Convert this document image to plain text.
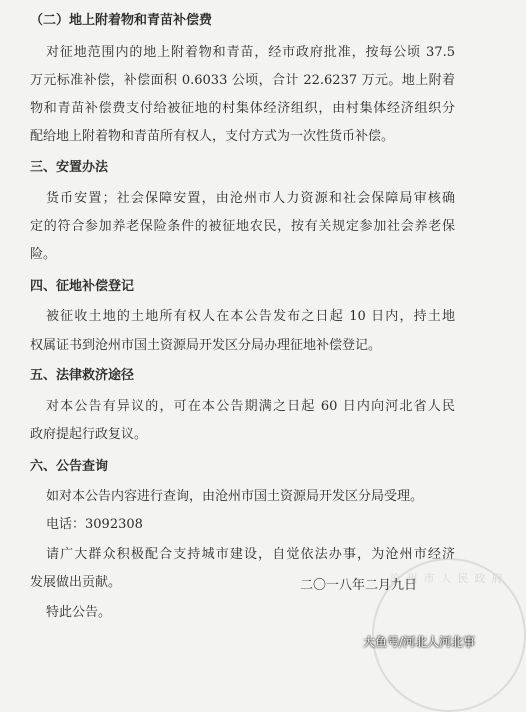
（二）地上附着物和青苗补偿费
对征地范围内的地上附着物和青苗，经市政府批准，按每公顷 37.5
万元标准补偿，补偿面积 0.6033 公顷，合计 22.6237 万元。地上附着
物和青苗补偿费支付给被征地的村集体经济组织，由村集体经济组织分
配给地上附着物和青苗所有权人，支付方式为一次性货币补偿。
三、安置办法
货币安置；社会保障安置，由沧州市人力资源和社会保障局审核确
定的符合参加养老保险条件的被征地农民，按有关规定参加社会养老保
险。
四、征地补偿登记
被征收土地的土地所有权人在本公告发布之日起 10 日内，持土地
权属证书到沧州市国土资源局开发区分局办理征地补偿登记。
五、法律救济途径
对本公告有异议的，可在本公告期满之日起 60 日内向河北省人民
政府提起行政复议。
六、公告查询
如对本公告内容进行查询，由沧州市国土资源局开发区分局受理。
电话：3092308
请广大群众积极配合支持城市建设，自觉依法办事，为沧州市经济
发展做出贡献。
特此公告。
沧州市人民政府
二〇一八年二月九日
大鱼号/河北人河北事
